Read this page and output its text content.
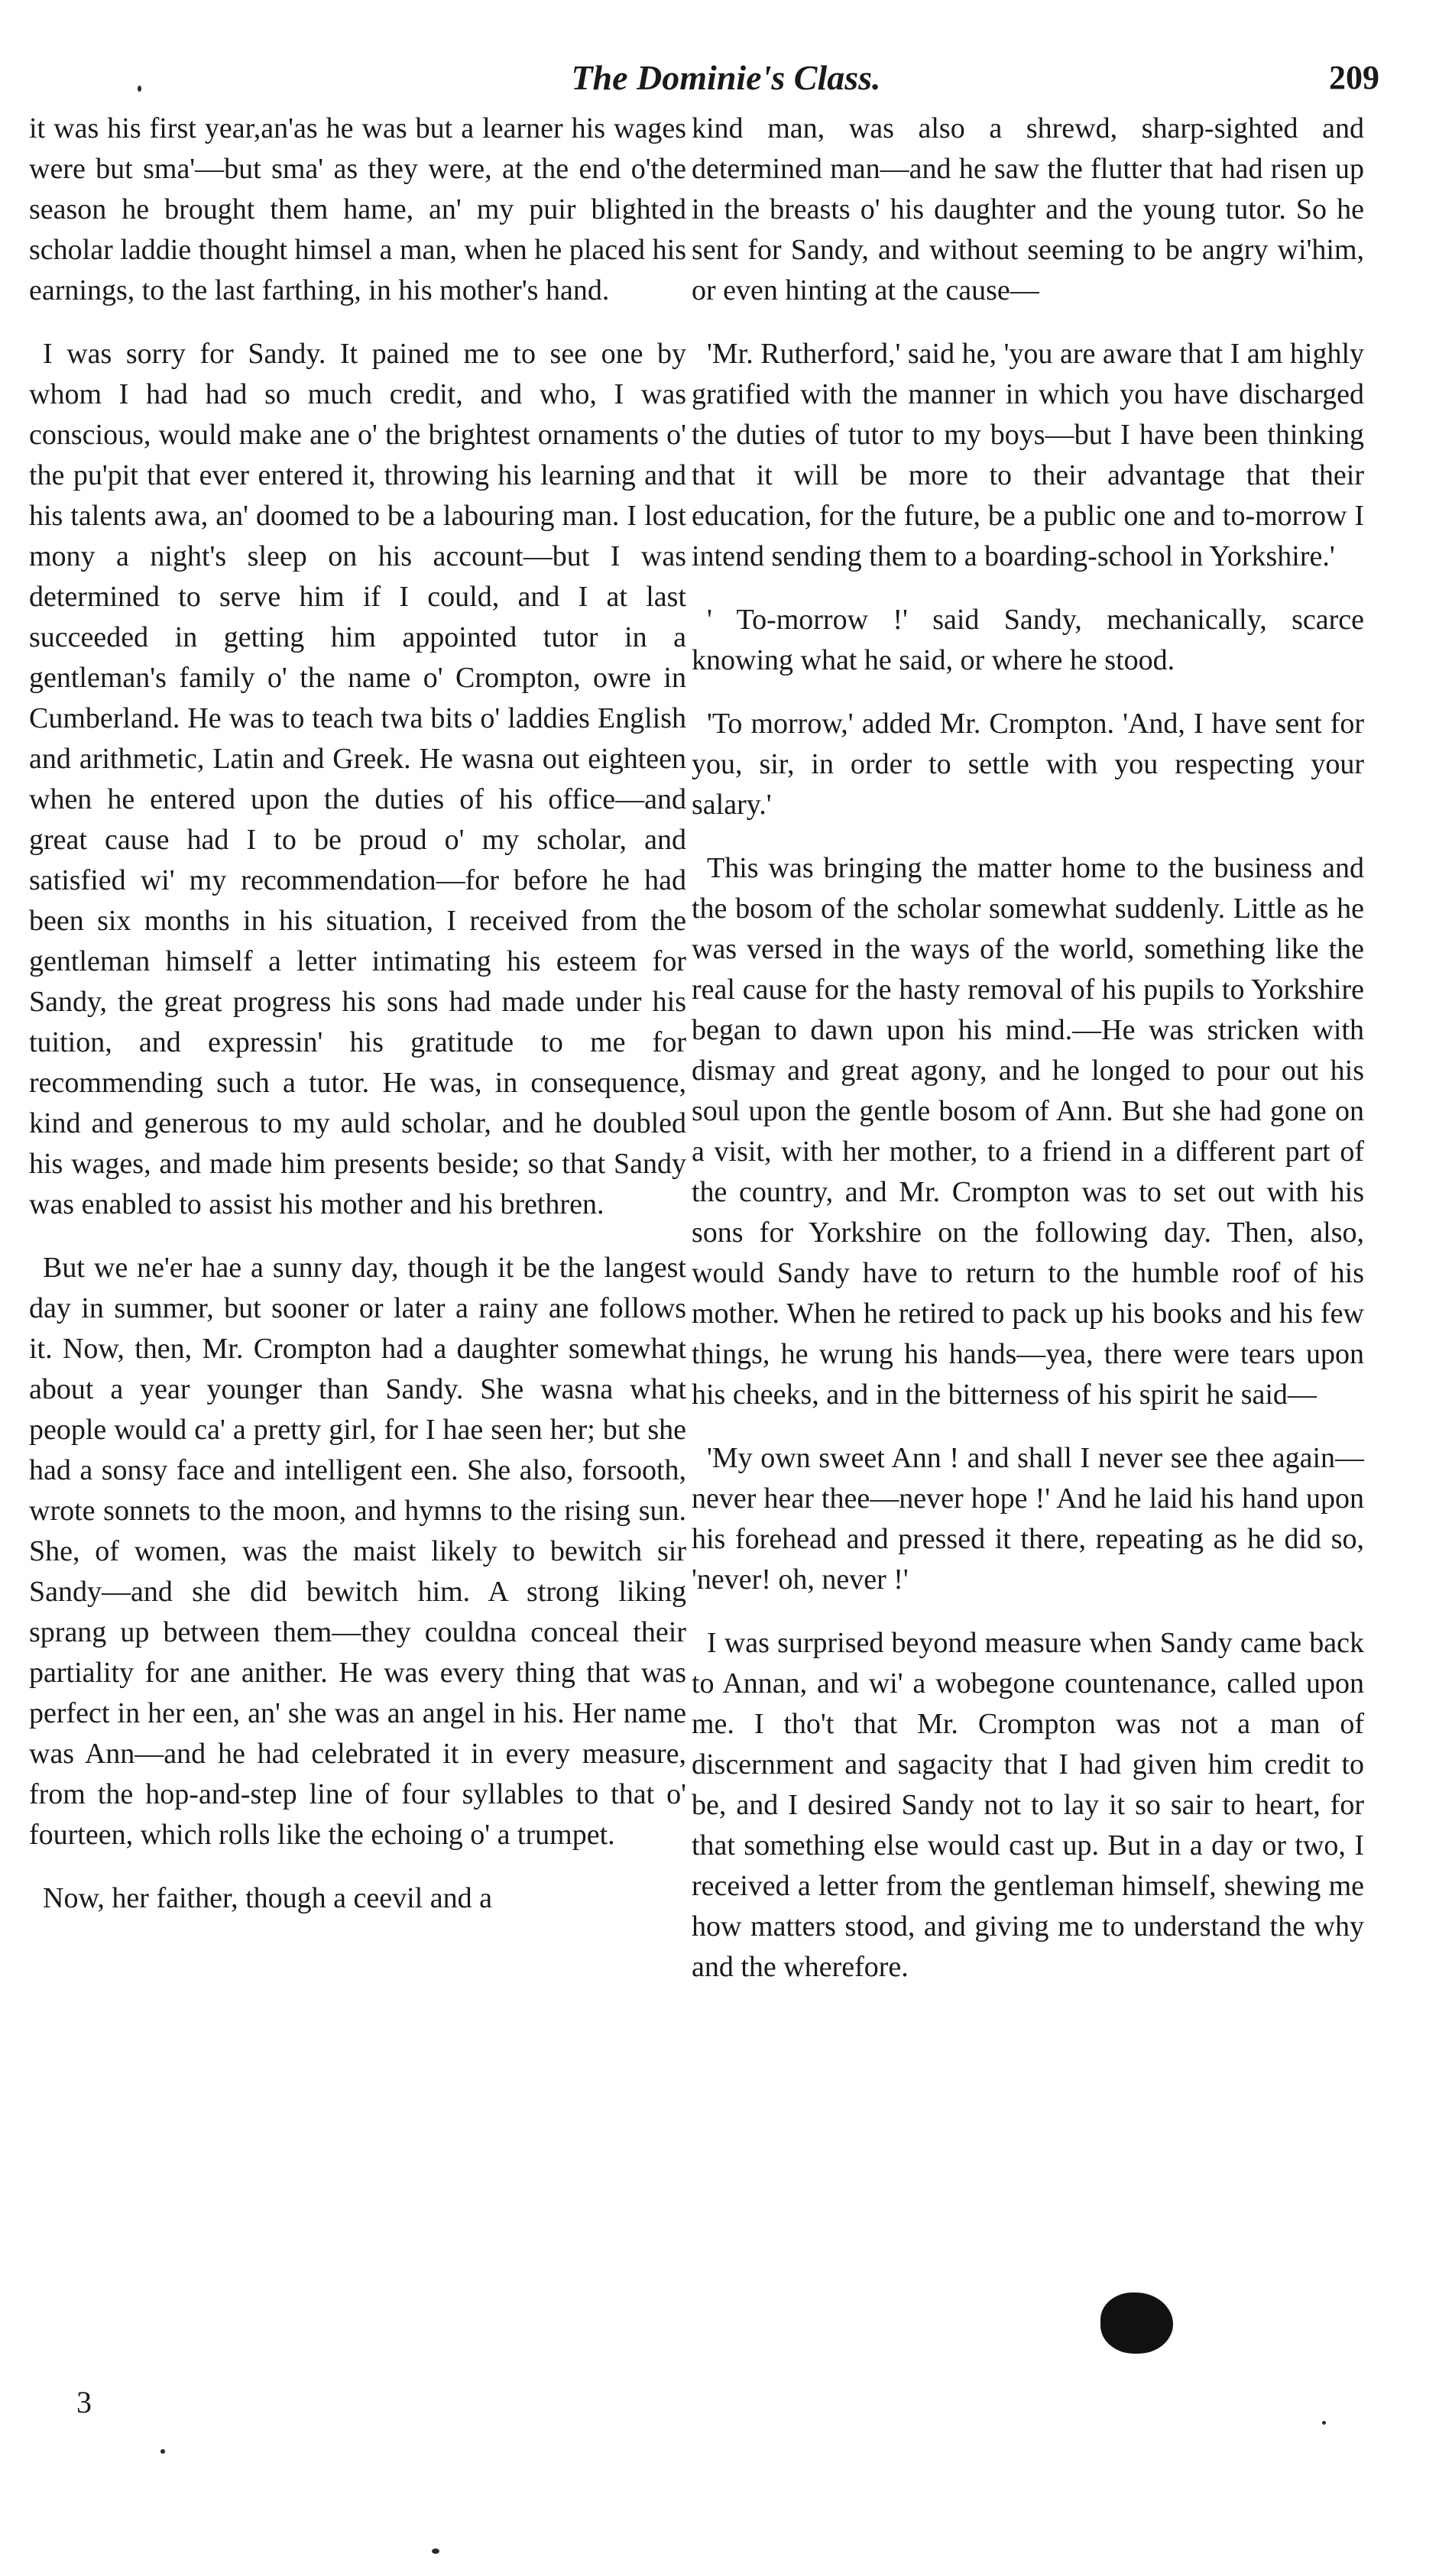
The Dominie's Class.	209

it was his first year,an'as he was but a learner his wages were but sma'—but sma' as they were, at the end o'the season he brought them hame, an' my puir blighted scholar laddie thought himsel a man, when he placed his earnings, to the last farthing, in his mother's hand.

I was sorry for Sandy. It pained me to see one by whom I had had so much credit, and who, I was conscious, would make ane o' the brightest ornaments o' the pu'pit that ever entered it, throwing his learning and his talents awa, an' doomed to be a labouring man. I lost mony a night's sleep on his account—but I was determined to serve him if I could, and I at last succeeded in getting him appointed tutor in a gentleman's family o' the name o' Crompton, owre in Cumberland. He was to teach twa bits o' laddies English and arithmetic, Latin and Greek. He wasna out eighteen when he entered upon the duties of his office—and great cause had I to be proud o' my scholar, and satisfied wi' my recommendation—for before he had been six months in his situation, I received from the gentleman himself a letter intimating his esteem for Sandy, the great progress his sons had made under his tuition, and expressin' his gratitude to me for recommending such a tutor. He was, in consequence, kind and generous to my auld scholar, and he doubled his wages, and made him presents beside; so that Sandy was enabled to assist his mother and his brethren.

But we ne'er hae a sunny day, though it be the langest day in summer, but sooner or later a rainy ane follows it. Now, then, Mr. Crompton had a daughter somewhat about a year younger than Sandy. She wasna what people would ca' a pretty girl, for I hae seen her; but she had a sonsy face and intelligent een. She also, forsooth, wrote sonnets to the moon, and hymns to the rising sun. She, of women, was the maist likely to bewitch sir Sandy—and she did bewitch him. A strong liking sprang up between them—they couldna conceal their partiality for ane anither. He was every thing that was perfect in her een, an' she was an angel in his. Her name was Ann—and he had celebrated it in every measure, from the hop-and-step line of four syllables to that o' fourteen, which rolls like the echoing o' a trumpet.

Now, her faither, though a ceevil and a

kind man, was also a shrewd, sharp-sighted and determined man—and he saw the flutter that had risen up in the breasts o' his daughter and the young tutor. So he sent for Sandy, and without seeming to be angry wi'him, or even hinting at the cause—

'Mr. Rutherford,' said he, 'you are aware that I am highly gratified with the manner in which you have discharged the duties of tutor to my boys—but I have been thinking that it will be more to their advantage that their education, for the future, be a public one and to-morrow I intend sending them to a boarding-school in Yorkshire.'

' To-morrow !' said Sandy, mechanically, scarce knowing what he said, or where he stood.

'To morrow,' added Mr. Crompton. 'And, I have sent for you, sir, in order to settle with you respecting your salary.'

This was bringing the matter home to the business and the bosom of the scholar somewhat suddenly. Little as he was versed in the ways of the world, something like the real cause for the hasty removal of his pupils to Yorkshire began to dawn upon his mind.—He was stricken with dismay and great agony, and he longed to pour out his soul upon the gentle bosom of Ann. But she had gone on a visit, with her mother, to a friend in a different part of the country, and Mr. Crompton was to set out with his sons for Yorkshire on the following day. Then, also, would Sandy have to return to the humble roof of his mother. When he retired to pack up his books and his few things, he wrung his hands—yea, there were tears upon his cheeks, and in the bitterness of his spirit he said—

'My own sweet Ann ! and shall I never see thee again—never hear thee—never hope !' And he laid his hand upon his forehead and pressed it there, repeating as he did so, 'never! oh, never !'

I was surprised beyond measure when Sandy came back to Annan, and wi' a wobegone countenance, called upon me. I tho't that Mr. Crompton was not a man of discernment and sagacity that I had given him credit to be, and I desired Sandy not to lay it so sair to heart, for that something else would cast up. But in a day or two, I received a letter from the gentleman himself, shewing me how matters stood, and giving me to understand the why and the wherefore.

3
